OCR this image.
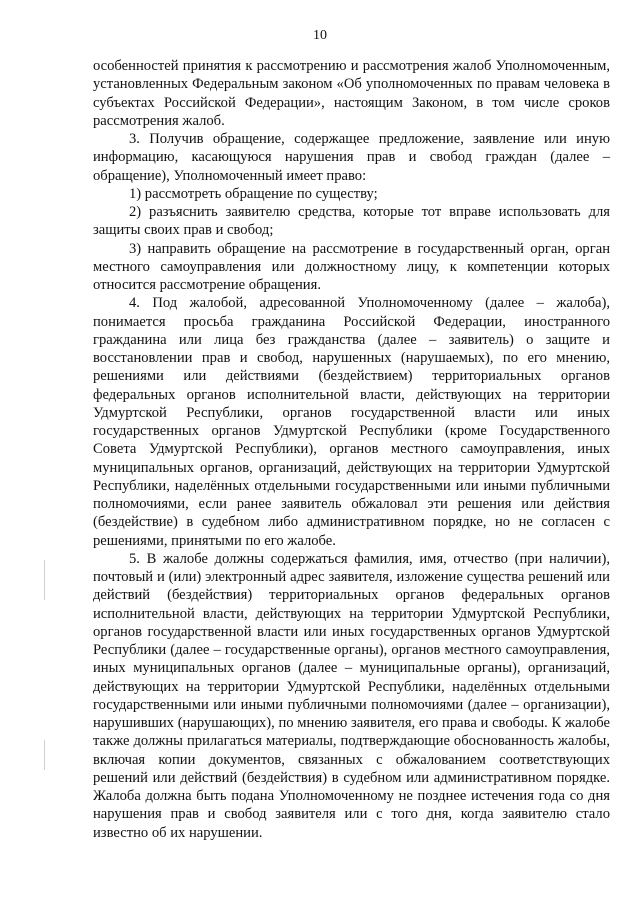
10

особенностей принятия к рассмотрению и рассмотрения жалоб Уполномоченным, установленных Федеральным законом «Об уполномоченных по правам человека в субъектах Российской Федерации», настоящим Законом, в том числе сроков рассмотрения жалоб.

3. Получив обращение, содержащее предложение, заявление или иную информацию, касающуюся нарушения прав и свобод граждан (далее – обращение), Уполномоченный имеет право:

1) рассмотреть обращение по существу;

2) разъяснить заявителю средства, которые тот вправе использовать для защиты своих прав и свобод;

3) направить обращение на рассмотрение в государственный орган, орган местного самоуправления или должностному лицу, к компетенции которых относится рассмотрение обращения.

4. Под жалобой, адресованной Уполномоченному (далее – жалоба), понимается просьба гражданина Российской Федерации, иностранного гражданина или лица без гражданства (далее – заявитель) о защите и восстановлении прав и свобод, нарушенных (нарушаемых), по его мнению, решениями или действиями (бездействием) территориальных органов федеральных органов исполнительной власти, действующих на территории Удмуртской Республики, органов государственной власти или иных государственных органов Удмуртской Республики (кроме Государственного Совета Удмуртской Республики), органов местного самоуправления, иных муниципальных органов, организаций, действующих на территории Удмуртской Республики, наделённых отдельными государственными или иными публичными полномочиями, если ранее заявитель обжаловал эти решения или действия (бездействие) в судебном либо административном порядке, но не согласен с решениями, принятыми по его жалобе.

5. В жалобе должны содержаться фамилия, имя, отчество (при наличии), почтовый и (или) электронный адрес заявителя, изложение существа решений или действий (бездействия) территориальных органов федеральных органов исполнительной власти, действующих на территории Удмуртской Республики, органов государственной власти или иных государственных органов Удмуртской Республики (далее – государственные органы), органов местного самоуправления, иных муниципальных органов (далее – муниципальные органы), организаций, действующих на территории Удмуртской Республики, наделённых отдельными государственными или иными публичными полномочиями (далее – организации), нарушивших (нарушающих), по мнению заявителя, его права и свободы. К жалобе также должны прилагаться материалы, подтверждающие обоснованность жалобы, включая копии документов, связанных с обжалованием соответствующих решений или действий (бездействия) в судебном или административном порядке. Жалоба должна быть подана Уполномоченному не позднее истечения года со дня нарушения прав и свобод заявителя или с того дня, когда заявителю стало известно об их нарушении.
